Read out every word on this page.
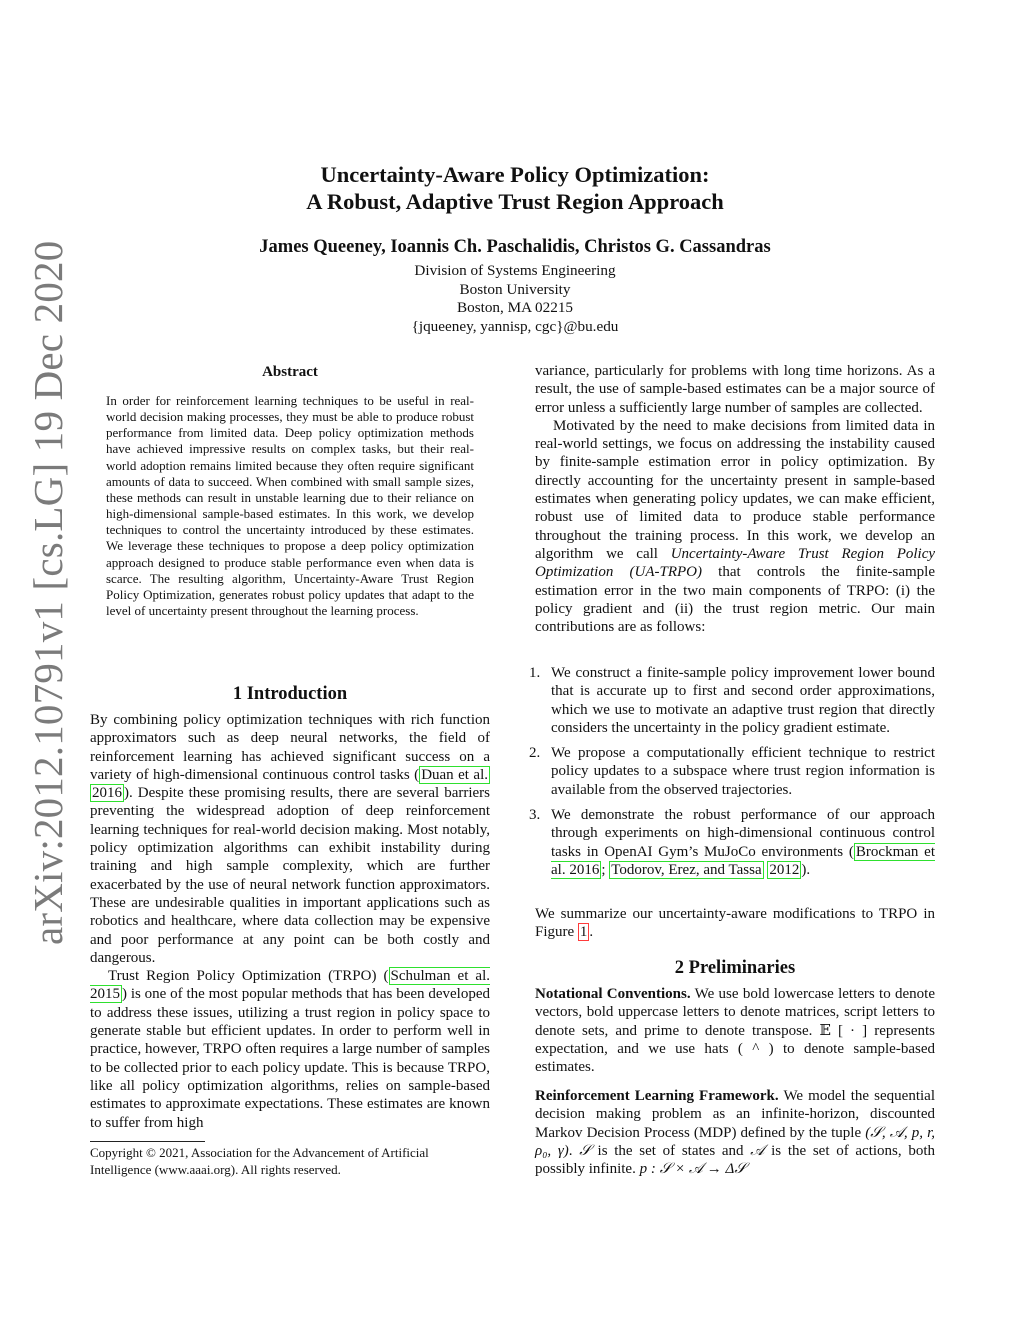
arXiv:2012.10791v1 [cs.LG] 19 Dec 2020
Uncertainty-Aware Policy Optimization:
A Robust, Adaptive Trust Region Approach
James Queeney, Ioannis Ch. Paschalidis, Christos G. Cassandras
Division of Systems Engineering
Boston University
Boston, MA 02215
{jqueeney, yannisp, cgc}@bu.edu
Abstract
In order for reinforcement learning techniques to be useful in real-world decision making processes, they must be able to produce robust performance from limited data. Deep policy optimization methods have achieved impressive results on complex tasks, but their real-world adoption remains limited because they often require significant amounts of data to succeed. When combined with small sample sizes, these methods can result in unstable learning due to their reliance on high-dimensional sample-based estimates. In this work, we develop techniques to control the uncertainty introduced by these estimates. We leverage these techniques to propose a deep policy optimization approach designed to produce stable performance even when data is scarce. The resulting algorithm, Uncertainty-Aware Trust Region Policy Optimization, generates robust policy updates that adapt to the level of uncertainty present throughout the learning process.
1 Introduction

By combining policy optimization techniques with rich function approximators such as deep neural networks, the field of reinforcement learning has achieved significant success on a variety of high-dimensional continuous control tasks ( Duan et al. 2016 ). Despite these promising results, there are several barriers preventing the widespread adoption of deep reinforcement learning techniques for real-world decision making. Most notably, policy optimization algorithms can exhibit instability during training and high sample complexity, which are further exacerbated by the use of neural network function approximators. These are undesirable qualities in important applications such as robotics and healthcare, where data collection may be expensive and poor performance at any point can be both costly and dangerous.

Trust Region Policy Optimization (TRPO) ( Schulman et al. 2015 ) is one of the most popular methods that has been developed to address these issues, utilizing a trust region in policy space to generate stable but efficient updates. In order to perform well in practice, however, TRPO often requires a large number of samples to be collected prior to each policy update. This is because TRPO, like all policy optimization algorithms, relies on sample-based estimates to approximate expectations. These estimates are known to suffer from high

Copyright © 2021, Association for the Advancement of Artificial Intelligence (www.aaai.org). All rights reserved.

variance, particularly for problems with long time horizons. As a result, the use of sample-based estimates can be a major source of error unless a sufficiently large number of samples are collected.

Motivated by the need to make decisions from limited data in real-world settings, we focus on addressing the instability caused by finite-sample estimation error in policy optimization. By directly accounting for the uncertainty present in sample-based estimates when generating policy updates, we can make efficient, robust use of limited data to produce stable performance throughout the training process. In this work, we develop an algorithm we call Uncertainty-Aware Trust Region Policy Optimization (UA-TRPO) that controls the finite-sample estimation error in the two main components of TRPO: (i) the policy gradient and (ii) the trust region metric. Our main contributions are as follows:

1. We construct a finite-sample policy improvement lower bound that is accurate up to first and second order approximations, which we use to motivate an adaptive trust region that directly considers the uncertainty in the policy gradient estimate.
2. We propose a computationally efficient technique to restrict policy updates to a subspace where trust region information is available from the observed trajectories.
3. We demonstrate the robust performance of our approach through experiments on high-dimensional continuous control tasks in OpenAI Gym’s MuJoCo environments ( Brockman et al. 2016 ; Todorov, Erez, and Tassa 2012 ).
We summarize our uncertainty-aware modifications to TRPO in Figure 1 .
2 Preliminaries
Notational Conventions. We use bold lowercase letters to denote vectors, bold uppercase letters to denote matrices, script letters to denote sets, and prime to denote transpose. 𝔼 [ · ] represents expectation, and we use hats ( ^ ) to denote sample-based estimates.
Reinforcement Learning Framework. We model the sequential decision making problem as an infinite-horizon, discounted Markov Decision Process (MDP) defined by the tuple (𝒮, 𝒜, p, r, ρ₀, γ). 𝒮 is the set of states and 𝒜 is the set of actions, both possibly infinite. p : 𝒮 × 𝒜 → Δ𝒮
